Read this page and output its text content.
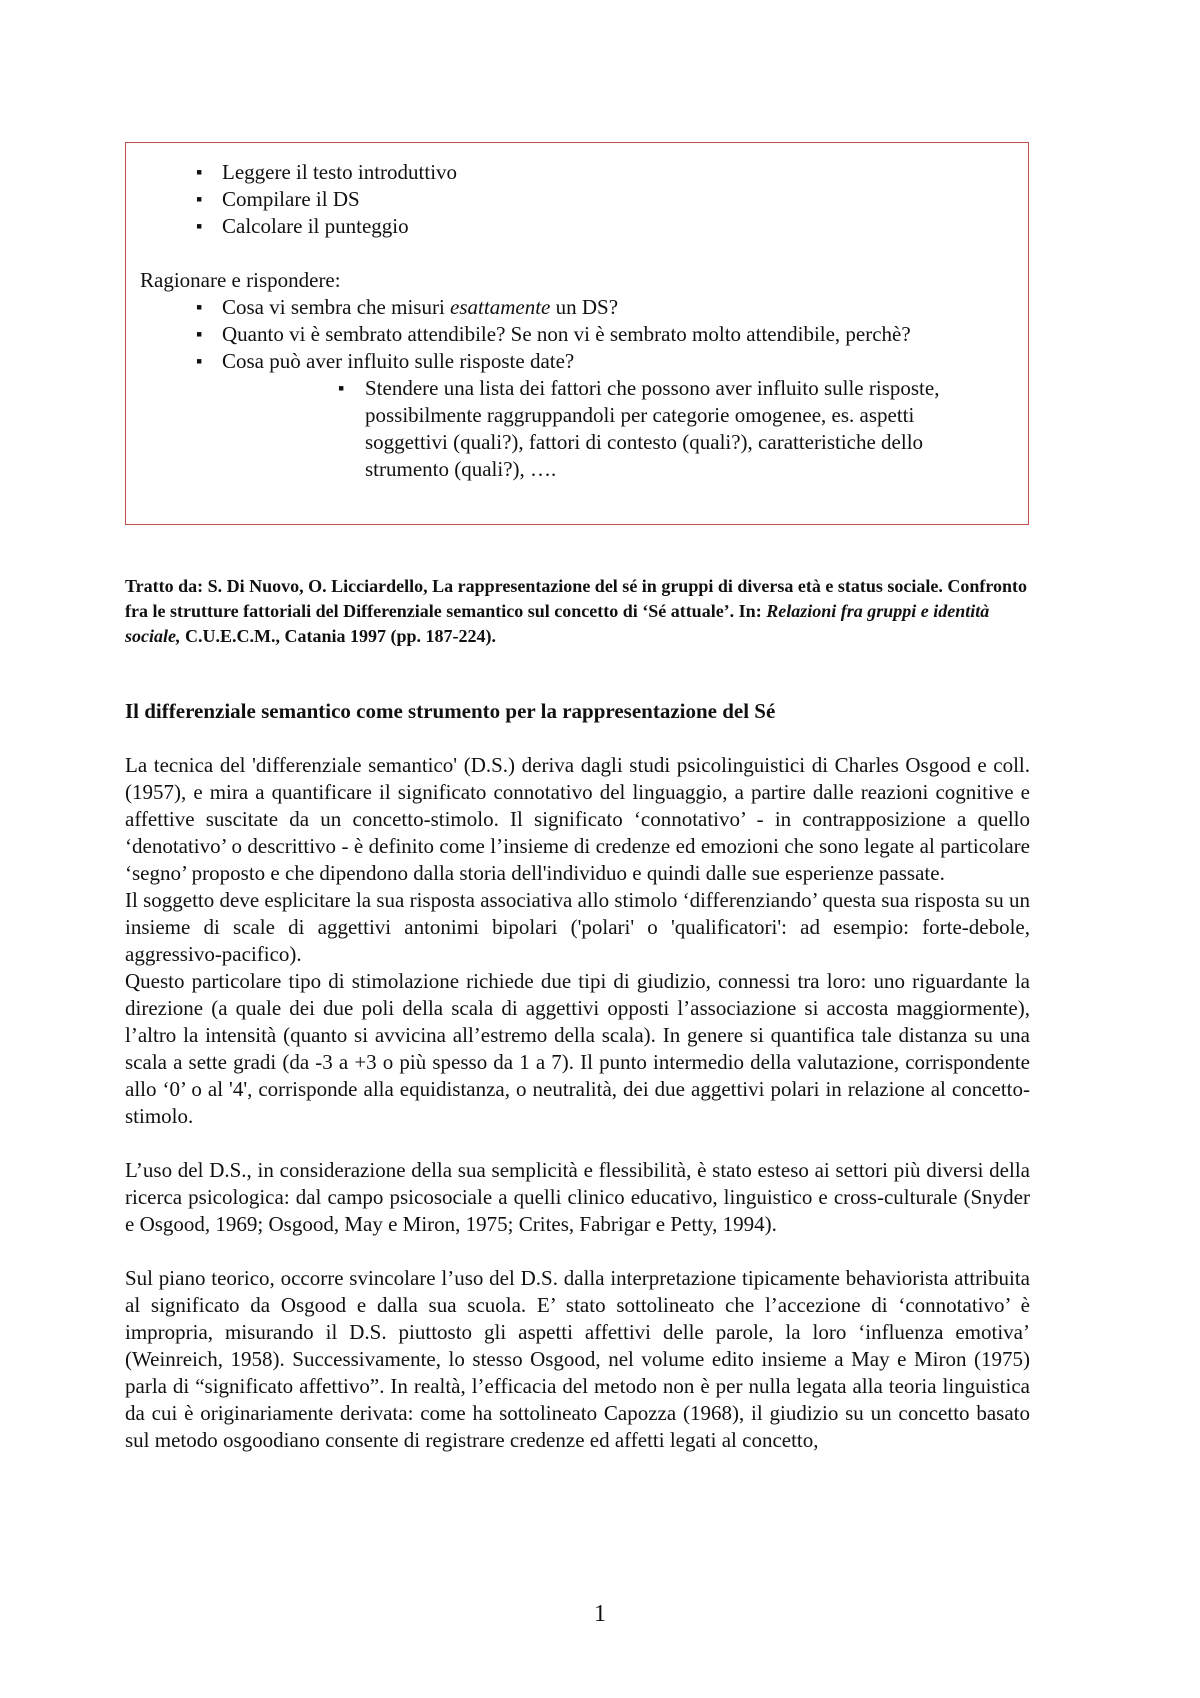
▪ Leggere il testo introduttivo
▪ Compilare il DS
▪ Calcolare il punteggio
Ragionare e rispondere:
▪ Cosa vi sembra che misuri esattamente un DS?
▪ Quanto vi è sembrato attendibile? Se non vi è sembrato molto attendibile, perchè?
▪ Cosa può aver influito sulle risposte date?
▪ Stendere una lista dei fattori che possono aver influito sulle risposte, possibilmente raggruppandoli per categorie omogenee, es. aspetti soggettivi (quali?), fattori di contesto (quali?), caratteristiche dello strumento (quali?), ….
Tratto da: S. Di Nuovo, O. Licciardello, La rappresentazione del sé in gruppi di diversa età e status sociale. Confronto fra le strutture fattoriali del Differenziale semantico sul concetto di ‘Sé attuale’. In: Relazioni fra gruppi e identità sociale, C.U.E.C.M., Catania 1997 (pp. 187-224).
Il differenziale semantico come strumento per la rappresentazione del Sé

La tecnica del 'differenziale semantico' (D.S.) deriva dagli studi psicolinguistici di Charles Osgood e coll. (1957), e mira a quantificare il significato connotativo del linguaggio, a partire dalle reazioni cognitive e affettive suscitate da un concetto-stimolo. Il significato ‘connotativo’ - in contrapposizione a quello ‘denotativo’ o descrittivo - è definito come l’insieme di credenze ed emozioni che sono legate al particolare ‘segno’ proposto e che dipendono dalla storia dell'individuo e quindi dalle sue esperienze passate.

Il soggetto deve esplicitare la sua risposta associativa allo stimolo ‘differenziando’ questa sua risposta su un insieme di scale di aggettivi antonimi bipolari ('polari' o 'qualificatori': ad esempio: forte-debole, aggressivo-pacifico).

Questo particolare tipo di stimolazione richiede due tipi di giudizio, connessi tra loro: uno riguardante la direzione (a quale dei due poli della scala di aggettivi opposti l’associazione si accosta maggiormente), l’altro la intensità (quanto si avvicina all’estremo della scala). In genere si quantifica tale distanza su una scala a sette gradi (da -3 a +3 o più spesso da 1 a 7). Il punto intermedio della valutazione, corrispondente allo ‘0’ o al '4', corrisponde alla equidistanza, o neutralità, dei due aggettivi polari in relazione al concetto-stimolo.

L’uso del D.S., in considerazione della sua semplicità e flessibilità, è stato esteso ai settori più diversi della ricerca psicologica: dal campo psicosociale a quelli clinico educativo, linguistico e cross-culturale (Snyder e Osgood, 1969; Osgood, May e Miron, 1975; Crites, Fabrigar e Petty, 1994).

Sul piano teorico, occorre svincolare l’uso del D.S. dalla interpretazione tipicamente behaviorista attribuita al significato da Osgood e dalla sua scuola. E’ stato sottolineato che l’accezione di ‘connotativo’ è impropria, misurando il D.S. piuttosto gli aspetti affettivi delle parole, la loro ‘influenza emotiva’ (Weinreich, 1958). Successivamente, lo stesso Osgood, nel volume edito insieme a May e Miron (1975) parla di “significato affettivo”. In realtà, l’efficacia del metodo non è per nulla legata alla teoria linguistica da cui è originariamente derivata: come ha sottolineato Capozza (1968), il giudizio su un concetto basato sul metodo osgoodiano consente di registrare credenze ed affetti legati al concetto,

1
